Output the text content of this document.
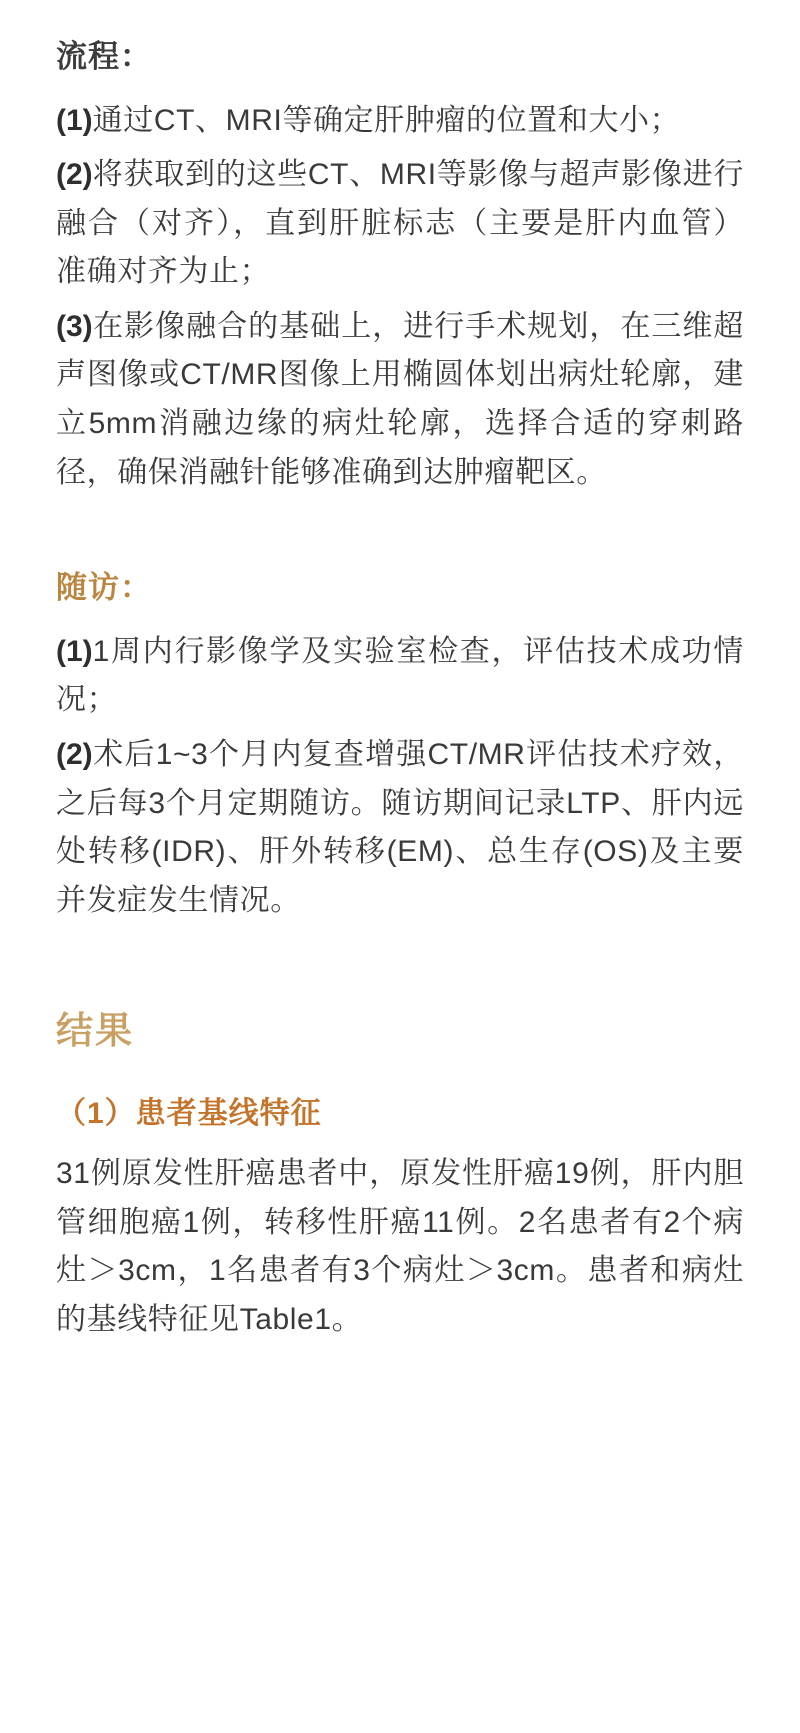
流程：

(1)通过CT、MRI等确定肝肿瘤的位置和大小；

(2)将获取到的这些CT、MRI等影像与超声影像进行融合（对齐），直到肝脏标志（主要是肝内血管）准确对齐为止；

(3)在影像融合的基础上，进行手术规划，在三维超声图像或CT/MR图像上用椭圆体划出病灶轮廓，建立5mm消融边缘的病灶轮廓，选择合适的穿刺路径，确保消融针能够准确到达肿瘤靶区。

随访：

(1)1周内行影像学及实验室检查，评估技术成功情况；

(2)术后1~3个月内复查增强CT/MR评估技术疗效，之后每3个月定期随访。随访期间记录LTP、肝内远处转移(IDR)、肝外转移(EM)、总生存(OS)及主要并发症发生情况。

结果
（1）患者基线特征

31例原发性肝癌患者中，原发性肝癌19例，肝内胆管细胞癌1例，转移性肝癌11例。2名患者有2个病灶＞3cm，1名患者有3个病灶＞3cm。患者和病灶的基线特征见Table1。
